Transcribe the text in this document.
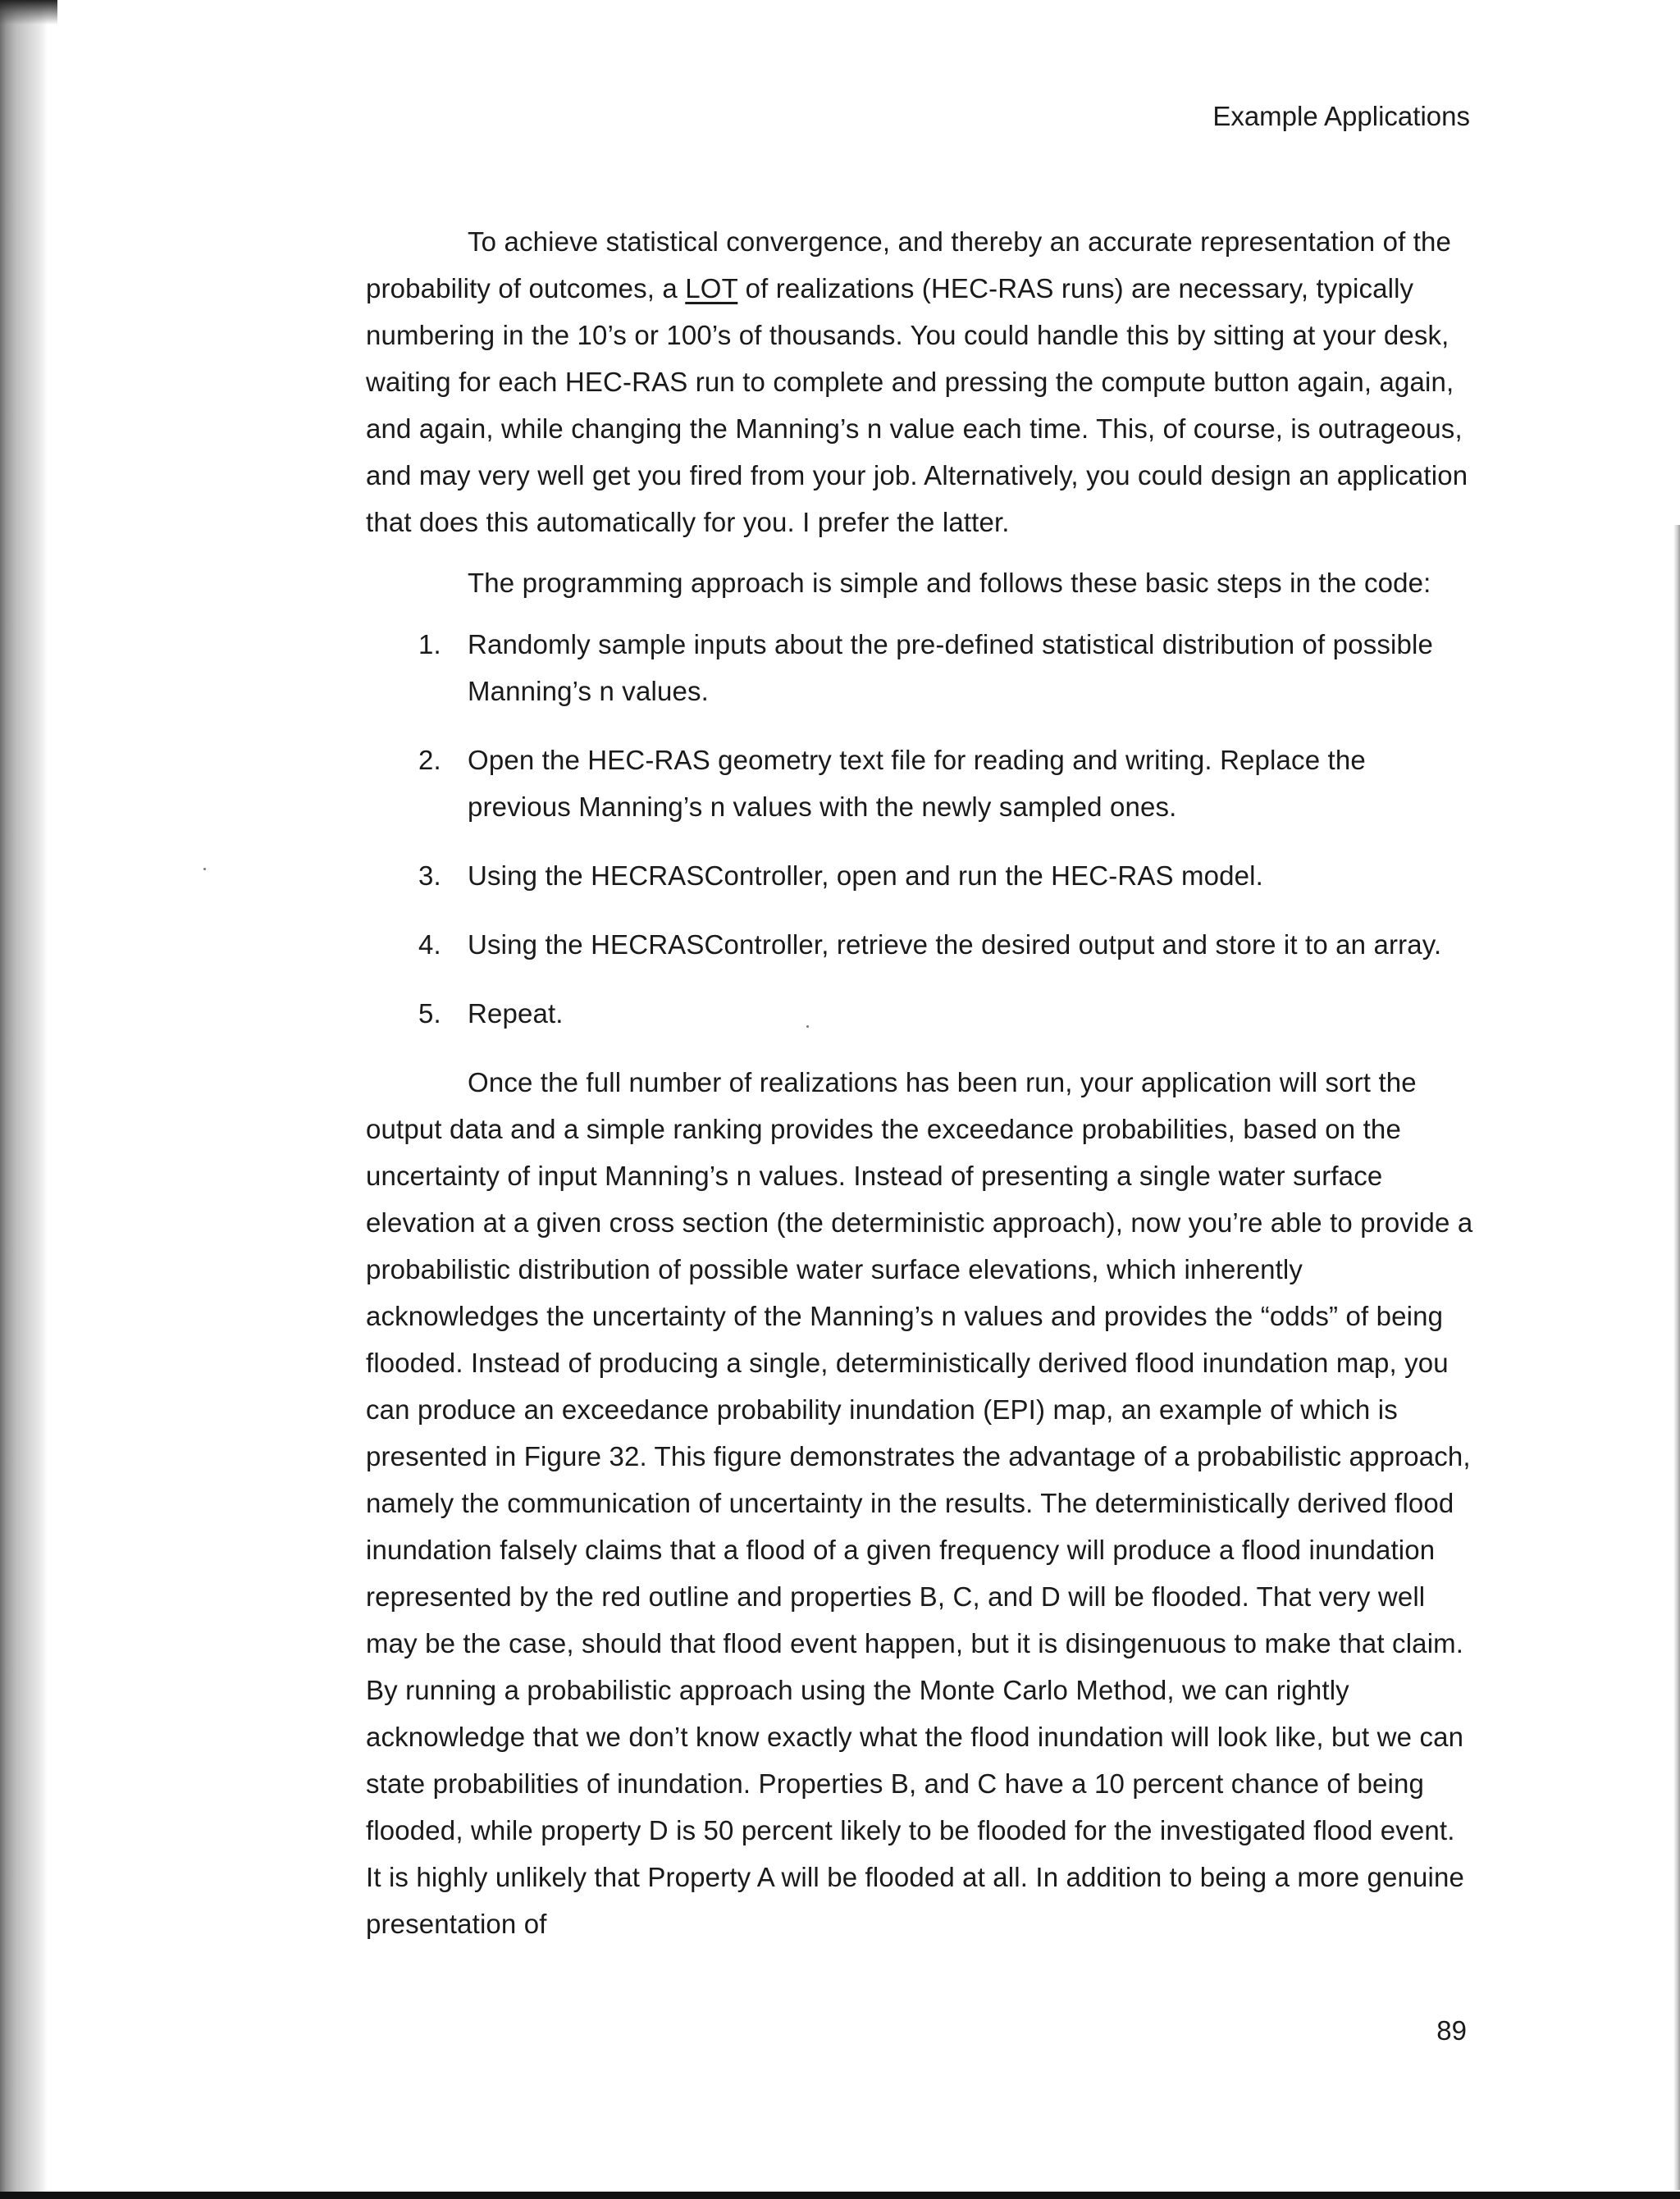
Example Applications

To achieve statistical convergence, and thereby an accurate representation of the probability of outcomes, a LOT of realizations (HEC-RAS runs) are necessary, typically numbering in the 10’s or 100’s of thousands. You could handle this by sitting at your desk, waiting for each HEC-RAS run to complete and pressing the compute button again, again, and again, while changing the Manning’s n value each time. This, of course, is outrageous, and may very well get you fired from your job. Alternatively, you could design an application that does this automatically for you. I prefer the latter.

The programming approach is simple and follows these basic steps in the code:

1. Randomly sample inputs about the pre-defined statistical distribution of possible Manning’s n values.
2. Open the HEC-RAS geometry text file for reading and writing. Replace the previous Manning’s n values with the newly sampled ones.
3. Using the HECRASController, open and run the HEC-RAS model.
4. Using the HECRASController, retrieve the desired output and store it to an array.
5. Repeat.

Once the full number of realizations has been run, your application will sort the output data and a simple ranking provides the exceedance probabilities, based on the uncertainty of input Manning’s n values. Instead of presenting a single water surface elevation at a given cross section (the deterministic approach), now you’re able to provide a probabilistic distribution of possible water surface elevations, which inherently acknowledges the uncertainty of the Manning’s n values and provides the “odds” of being flooded. Instead of producing a single, deterministically derived flood inundation map, you can produce an exceedance probability inundation (EPI) map, an example of which is presented in Figure 32. This figure demonstrates the advantage of a probabilistic approach, namely the communication of uncertainty in the results. The deterministically derived flood inundation falsely claims that a flood of a given frequency will produce a flood inundation represented by the red outline and properties B, C, and D will be flooded. That very well may be the case, should that flood event happen, but it is disingenuous to make that claim. By running a probabilistic approach using the Monte Carlo Method, we can rightly acknowledge that we don’t know exactly what the flood inundation will look like, but we can state probabilities of inundation. Properties B, and C have a 10 percent chance of being flooded, while property D is 50 percent likely to be flooded for the investigated flood event. It is highly unlikely that Property A will be flooded at all. In addition to being a more genuine presentation of

89
